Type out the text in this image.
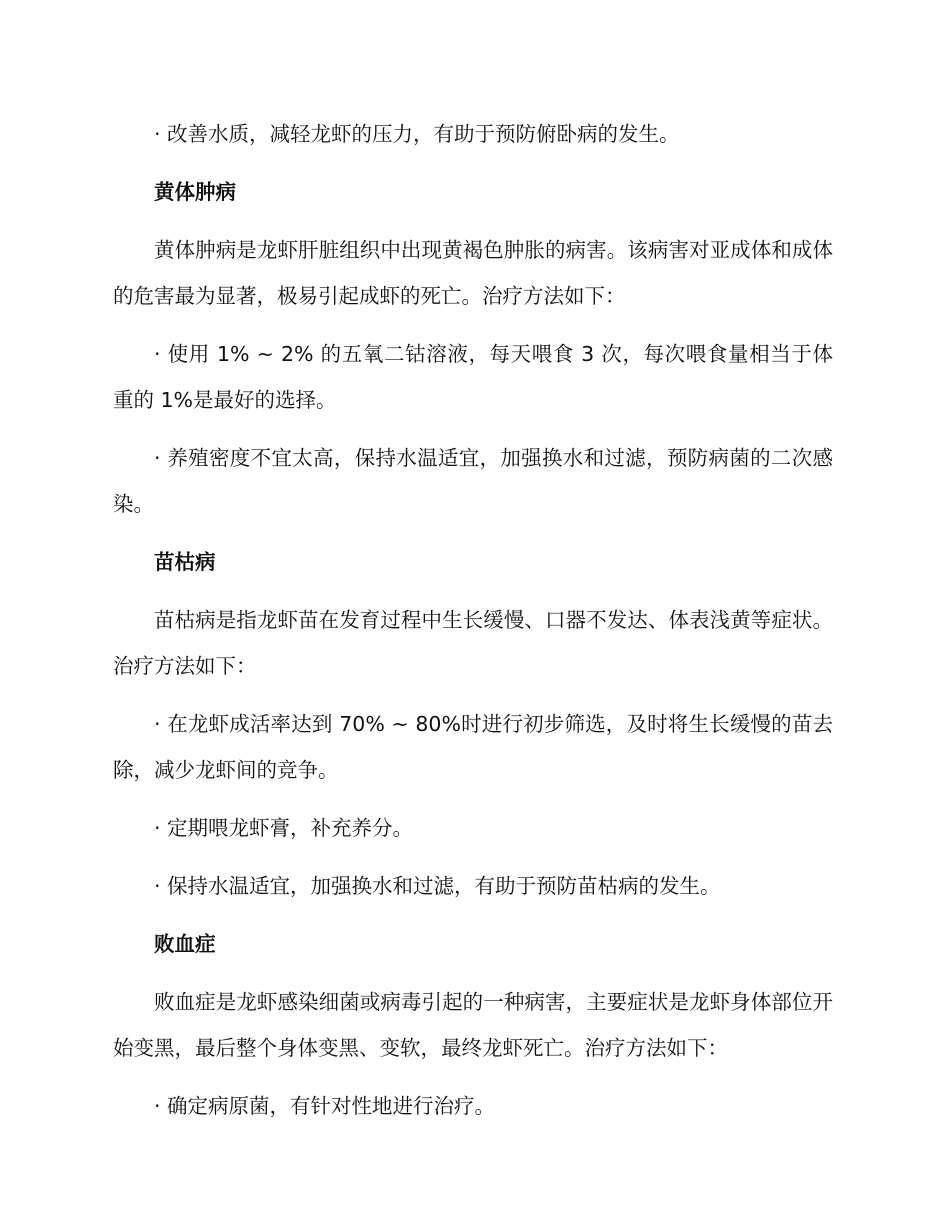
· 改善水质，减轻龙虾的压力，有助于预防俯卧病的发生。

黄体肿病

黄体肿病是龙虾肝脏组织中出现黄褐色肿胀的病害。该病害对亚成体和成体的危害最为显著，极易引起成虾的死亡。治疗方法如下：

· 使用 1% ~ 2% 的五氧二钴溶液，每天喂食 3 次，每次喂食量相当于体重的 1%是最好的选择。

· 养殖密度不宜太高，保持水温适宜，加强换水和过滤，预防病菌的二次感染。

苗枯病

苗枯病是指龙虾苗在发育过程中生长缓慢、口器不发达、体表浅黄等症状。治疗方法如下：

· 在龙虾成活率达到 70% ~ 80%时进行初步筛选，及时将生长缓慢的苗去除，减少龙虾间的竞争。

· 定期喂龙虾膏，补充养分。

· 保持水温适宜，加强换水和过滤，有助于预防苗枯病的发生。

败血症

败血症是龙虾感染细菌或病毒引起的一种病害，主要症状是龙虾身体部位开始变黑，最后整个身体变黑、变软，最终龙虾死亡。治疗方法如下：

· 确定病原菌，有针对性地进行治疗。
